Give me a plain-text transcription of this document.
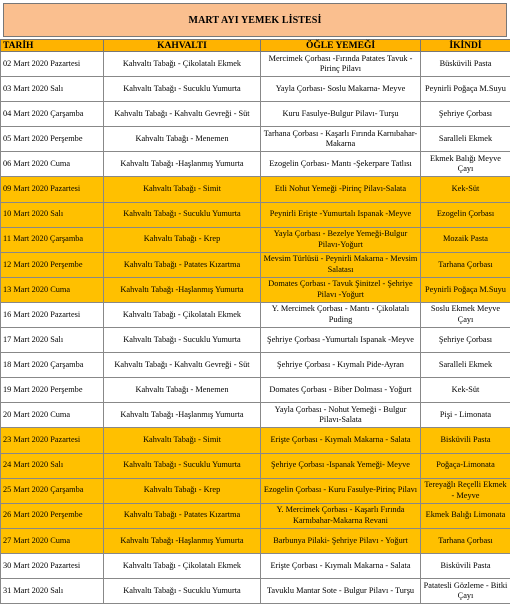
MART AYI YEMEK LİSTESİ
TARİH	KAHVALTI	ÖĞLE YEMEĞİ	İKİNDİ
02 Mart 2020 Pazartesi	Kahvaltı Tabağı - Çikolatalı Ekmek	Mercimek Çorbası -Fırında Patates Tavuk - Pirinç Pilavı	Büsküvili Pasta
03 Mart 2020 Salı	Kahvaltı Tabağı - Sucuklu Yumurta	Yayla Çorbası- Soslu Makarna- Meyve	Peynirli Poğaça M.Suyu
04 Mart 2020 Çarşamba	Kahvaltı Tabağı - Kahvaltı Gevreği - Süt	Kuru Fasulye-Bulgur Pilavı- Turşu	Şehriye Çorbası
05 Mart 2020 Perşembe	Kahvaltı Tabağı - Menemen	Tarhana Çorbası - Kaşarlı Fırında Karnıbahar-Makarna	Saralleli Ekmek
06 Mart 2020 Cuma	Kahvaltı Tabağı -Haşlanmış Yumurta	Ezogelin Çorbası- Mantı -Şekerpare Tatlısı	Ekmek Balığı Meyve Çayı
09 Mart 2020 Pazartesi	Kahvaltı Tabağı - Simit	Etli Nohut Yemeği -Pirinç Pilavı-Salata	Kek-Süt
10 Mart 2020 Salı	Kahvaltı Tabağı - Sucuklu Yumurta	Peynirli Erişte -Yumurtalı Ispanak -Meyve	Ezogelin Çorbası
11 Mart 2020 Çarşamba	Kahvaltı Tabağı - Krep	Yayla Çorbası - Bezelye Yemeği-Bulgur Pilavı-Yoğurt	Mozaik Pasta
12 Mart 2020 Perşembe	Kahvaltı Tabağı - Patates Kızartma	Mevsim Türlüsü - Peynirli Makarna - Mevsim Salatası	Tarhana Çorbası
13 Mart 2020 Cuma	Kahvaltı Tabağı -Haşlanmış Yumurta	Domates Çorbası - Tavuk Şinitzel - Şehriye Pilavı -Yoğurt	Peynirli Poğaça M.Suyu
16 Mart 2020 Pazartesi	Kahvaltı Tabağı - Çikolatalı Ekmek	Y. Mercimek Çorbası - Mantı - Çikolatalı Puding	Soslu Ekmek Meyve Çayı
17 Mart 2020 Salı	Kahvaltı Tabağı - Sucuklu Yumurta	Şehriye Çorbası -Yumurtalı Ispanak -Meyve	Şehriye Çorbası
18 Mart 2020 Çarşamba	Kahvaltı Tabağı - Kahvaltı Gevreği - Süt	Şehriye Çorbası - Kıymalı Pide-Ayran	Saralleli Ekmek
19 Mart 2020 Perşembe	Kahvaltı Tabağı - Menemen	Domates Çorbası - Biber Dolması - Yoğurt	Kek-Süt
20 Mart 2020 Cuma	Kahvaltı Tabağı -Haşlanmış Yumurta	Yayla Çorbası - Nohut Yemeği - Bulgur Pilavı-Salata	Pişi - Limonata
23 Mart 2020 Pazartesi	Kahvaltı Tabağı - Simit	Erişte Çorbası - Kıymalı Makarna - Salata	Bisküvili Pasta
24 Mart 2020 Salı	Kahvaltı Tabağı - Sucuklu Yumurta	Şehriye Çorbası -Ispanak Yemeği- Meyve	Poğaça-Limonata
25 Mart 2020 Çarşamba	Kahvaltı Tabağı - Krep	Ezogelin Çorbası - Kuru Fasulye-Pirinç Pilavı	Tereyağlı Reçelli Ekmek - Meyve
26 Mart 2020 Perşembe	Kahvaltı Tabağı - Patates Kızartma	Y. Mercimek Çorbası - Kaşarlı Fırında Karnıbahar-Makarna Revani	Ekmek Balığı Limonata
27 Mart 2020 Cuma	Kahvaltı Tabağı -Haşlanmış Yumurta	Barbunya Pilaki- Şehriye Pilavı - Yoğurt	Tarhana Çorbası
30 Mart 2020 Pazartesi	Kahvaltı Tabağı - Çikolatalı Ekmek	Erişte Çorbası - Kıymalı Makarna - Salata	Bisküvili Pasta
31 Mart 2020 Salı	Kahvaltı Tabağı - Sucuklu Yumurta	Tavuklu Mantar Sote - Bulgur Pilavı - Turşu	Patatesli Gözleme - Bitki Çayı
